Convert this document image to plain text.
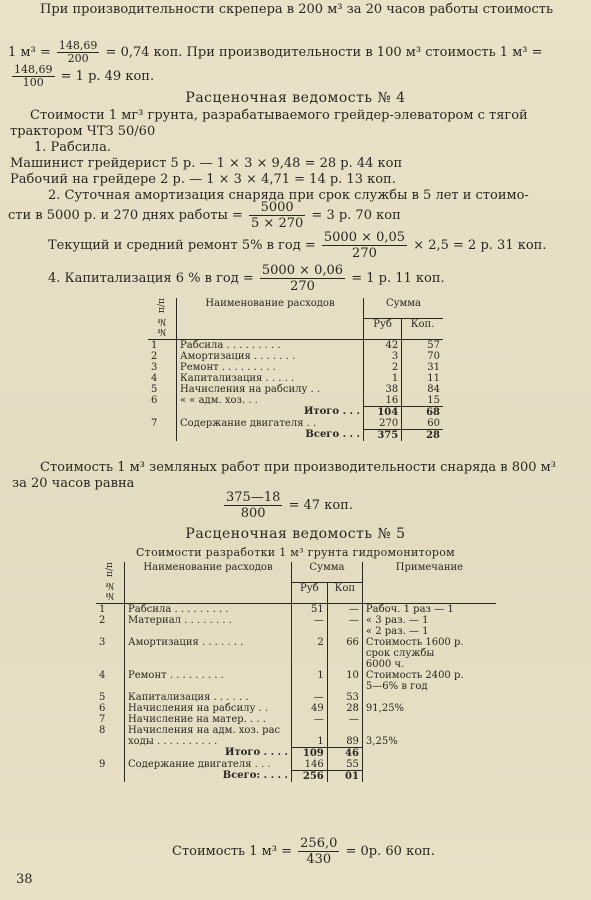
При производительности скрепера в 200 м³ за 20 часов работы стоимость
1 $м^3 = \frac{148,69}{200} = 0,74$ коп. При производительности в 100 м³ стоимость 1 м³ =
$\frac{148,69}{100} = 1$ р. 49 коп.
Расценочная ведомость № 4
Стоимости 1 мг³ грунта, разрабатываемого грейдер-элеватором с тягой
трактором ЧТЗ 50/60
1. Рабсила.
Машинист грейдерист 5 р. — 1 × 3 × 9,48 = 28 р. 44 коп
Рабочий на грейдере 2 р. — 1 × 3 × 4,71 = 14 р. 13 коп.
2. Суточная амортизация снаряда при срок службы в 5 лет и стоимо-
сти в 5000 р. и 270 днях работы = $\frac{5000}{5 \times 270} = 3$ р. 70 коп
Текущий и средний ремонт 5% в год = $\frac{5000 \times 0,05}{270} \times 2,5 = 2$ р. 31 коп.
4. Капитализация 6 % в год = $\frac{5000 \times 0,06}{270} = 1$ р. 11 коп.
№№ п/п	Наименование расходов	Сумма	
		Руб	Коп.
1	Рабсила . . . . . . . . .	42	57
2	Амортизация . . . . . . .	3	70
3	Ремонт . . . . . . . . .	2	31
4	Капитализация . . . . .	1	11
5	Начисления на рабсилу . .	38	84
6	« « адм. хоз. . .	16	15
	Итого . . .	104	68
7	Содержание двигателя . .	270	60
	Всего . . .	375	28
Стоимость 1 м³ земляных работ при производительности снаряда в 800 м³
за 20 часов равна
$\frac{375—18}{800} = 47$ коп.
Расценочная ведомость № 5
Стоимости разработки 1 м³ грунта гидромонитором
№№ п/п	Наименование расходов	Сумма		Примечание
		Руб	Коп	
1	Рабсила . . . . . . . . .	51	—	Рабоч. 1 раз — 1
2	Материал . . . . . . . .	—	—	« 3 раз. — 1
				« 2 раз. — 1
3	Амортизация . . . . . . .	2	66	Стоимость 1600 р.
				срок службы
				6000 ч.
4	Ремонт . . . . . . . . .	1	10	Стоимость 2400 р.
				5—6% в год
5	Капитализация . . . . . .	—	53	
6	Начисления на рабсилу . .	49	28	91,25%
7	Начисление на матер. . . .	—	—	
8	Начисления на адм. хоз. рас			
	ходы . . . . . . . . . .	1	89	3,25%
	Итого . . . .	109	46	
9	Содержание двигателя . . .	146	55	
	Всего: . . . .	256	01	
Стоимость 1 $м^3 = \frac{256,0}{430} = 0р$. 60 коп.
38
